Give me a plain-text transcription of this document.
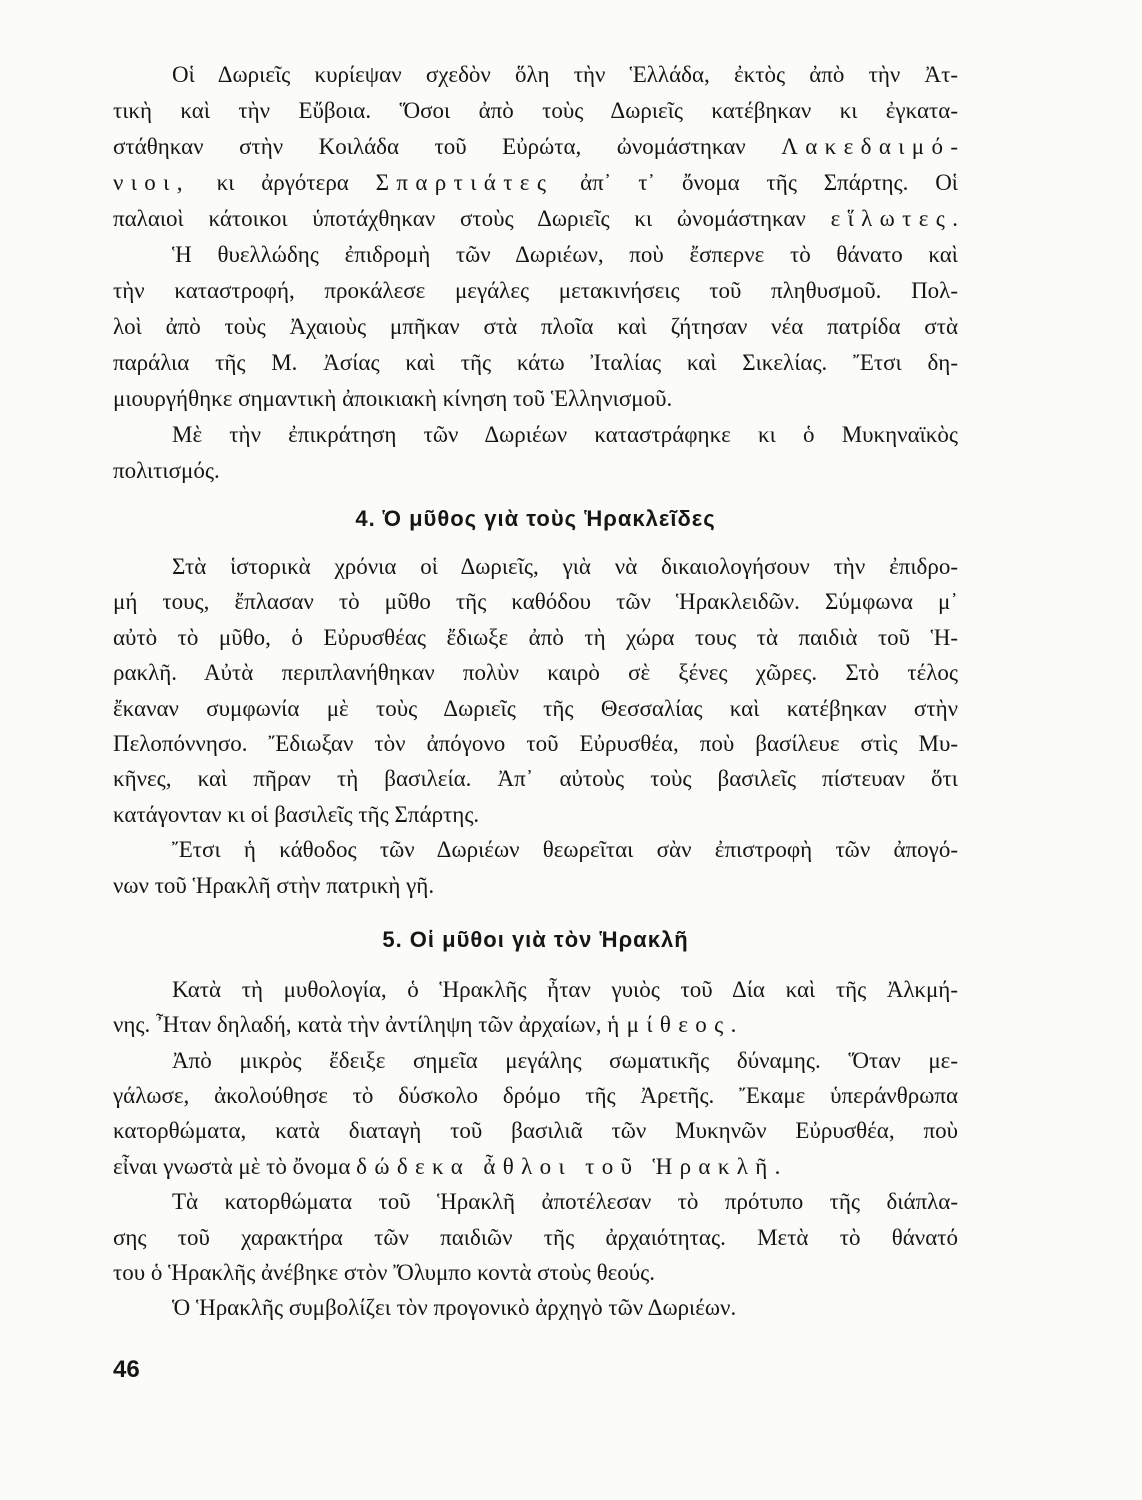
Οἱ Δωριεῖς κυρίεψαν σχεδὸν ὅλη τὴν Ἑλλάδα, ἐκτὸς ἀπὸ τὴν Ἀτ-
τικὴ καὶ τὴν Εὔβοια. Ὅσοι ἀπὸ τοὺς Δωριεῖς κατέβηκαν κι ἐγκατα-
στάθηκαν στὴν Κοιλάδα τοῦ Εὐρώτα, ὠνομάστηκαν Λακεδαιμό-
νιοι, κι ἀργότερα Σπαρτιάτες ἀπ᾽ τ᾽ ὄνομα τῆς Σπάρτης. Οἱ
παλαιοὶ κάτοικοι ὑποτάχθηκαν στοὺς Δωριεῖς κι ὠνομάστηκαν εἵλωτες.
Ἡ θυελλώδης ἐπιδρομὴ τῶν Δωριέων, ποὺ ἔσπερνε τὸ θάνατο καὶ
τὴν καταστροφή, προκάλεσε μεγάλες μετακινήσεις τοῦ πληθυσμοῦ. Πολ-
λοὶ ἀπὸ τοὺς Ἀχαιοὺς μπῆκαν στὰ πλοῖα καὶ ζήτησαν νέα πατρίδα στὰ
παράλια τῆς Μ. Ἀσίας καὶ τῆς κάτω Ἰταλίας καὶ Σικελίας. Ἔτσι δη-
μιουργήθηκε σημαντικὴ ἀποικιακὴ κίνηση τοῦ Ἑλληνισμοῦ.
Μὲ τὴν ἐπικράτηση τῶν Δωριέων καταστράφηκε κι ὁ Μυκηναϊκὸς
πολιτισμός.
4. Ὁ μῦθος γιὰ τοὺς Ἡρακλεῖδες
Στὰ ἱστορικὰ χρόνια οἱ Δωριεῖς, γιὰ νὰ δικαιολογήσουν τὴν ἐπιδρο-
μή τους, ἔπλασαν τὸ μῦθο τῆς καθόδου τῶν Ἡρακλειδῶν. Σύμφωνα μ᾽
αὐτὸ τὸ μῦθο, ὁ Εὐρυσθέας ἔδιωξε ἀπὸ τὴ χώρα τους τὰ παιδιὰ τοῦ Ἡ-
ρακλῆ. Αὐτὰ περιπλανήθηκαν πολὺν καιρὸ σὲ ξένες χῶρες. Στὸ τέλος
ἔκαναν συμφωνία μὲ τοὺς Δωριεῖς τῆς Θεσσαλίας καὶ κατέβηκαν στὴν
Πελοπόννησο. Ἔδιωξαν τὸν ἀπόγονο τοῦ Εὐρυσθέα, ποὺ βασίλευε στὶς Μυ-
κῆνες, καὶ πῆραν τὴ βασιλεία. Ἀπ᾽ αὐτοὺς τοὺς βασιλεῖς πίστευαν ὅτι
κατάγονταν κι οἱ βασιλεῖς τῆς Σπάρτης.
Ἔτσι ἡ κάθοδος τῶν Δωριέων θεωρεῖται σὰν ἐπιστροφὴ τῶν ἀπογό-
νων τοῦ Ἡρακλῆ στὴν πατρικὴ γῆ.
5. Οἱ μῦθοι γιὰ τὸν Ἡρακλῆ
Κατὰ τὴ μυθολογία, ὁ Ἡρακλῆς ἦταν γυιὸς τοῦ Δία καὶ τῆς Ἀλκμή-
νης. Ἦταν δηλαδή, κατὰ τὴν ἀντίληψη τῶν ἀρχαίων, ἡμίθεος.
Ἀπὸ μικρὸς ἔδειξε σημεῖα μεγάλης σωματικῆς δύναμης. Ὅταν με-
γάλωσε, ἀκολούθησε τὸ δύσκολο δρόμο τῆς Ἀρετῆς. Ἔκαμε ὑπεράνθρωπα
κατορθώματα, κατὰ διαταγὴ τοῦ βασιλιᾶ τῶν Μυκηνῶν Εὐρυσθέα, ποὺ
εἶναι γνωστὰ μὲ τὸ ὄνομα δώδεκα ἆθλοι τοῦ Ἡρακλῆ.
Τὰ κατορθώματα τοῦ Ἡρακλῆ ἀποτέλεσαν τὸ πρότυπο τῆς διάπλα-
σης τοῦ χαρακτήρα τῶν παιδιῶν τῆς ἀρχαιότητας. Μετὰ τὸ θάνατό
του ὁ Ἡρακλῆς ἀνέβηκε στὸν Ὄλυμπο κοντὰ στοὺς θεούς.
Ὁ Ἡρακλῆς συμβολίζει τὸν προγονικὸ ἀρχηγὸ τῶν Δωριέων.
46
